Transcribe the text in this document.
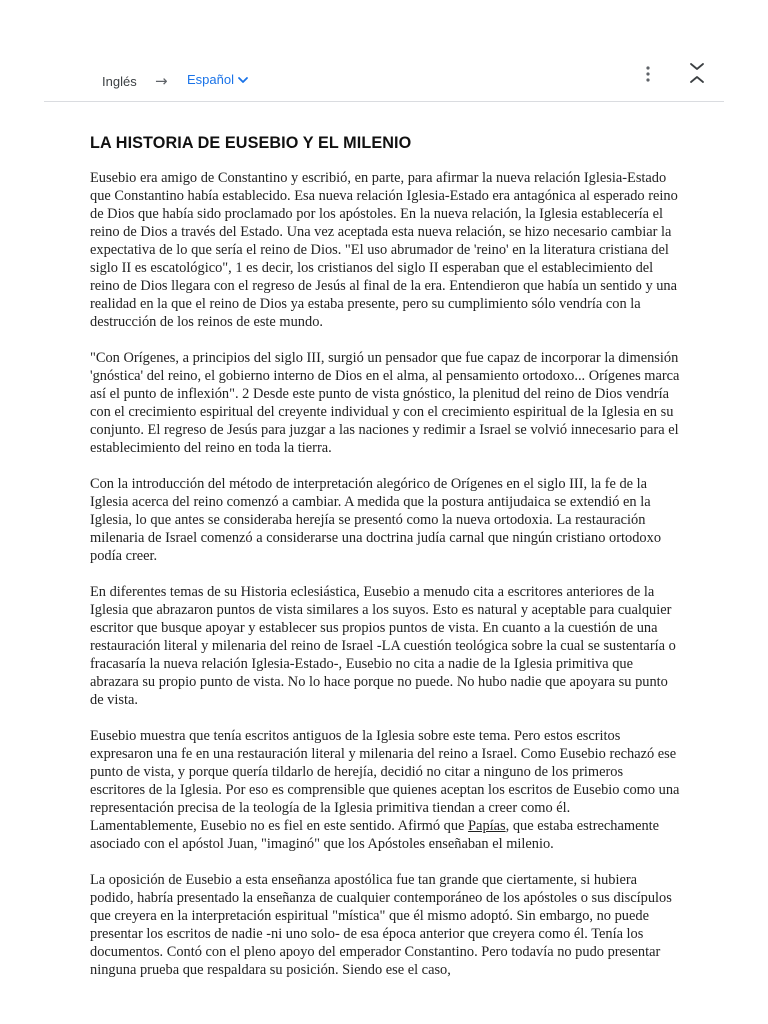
Inglés → Español
LA HISTORIA DE EUSEBIO Y EL MILENIO

Eusebio era amigo de Constantino y escribió, en parte, para afirmar la nueva relación Iglesia-Estado que Constantino había establecido. Esa nueva relación Iglesia-Estado era antagónica al esperado reino de Dios que había sido proclamado por los apóstoles. En la nueva relación, la Iglesia establecería el reino de Dios a través del Estado. Una vez aceptada esta nueva relación, se hizo necesario cambiar la expectativa de lo que sería el reino de Dios. "El uso abrumador de 'reino' en la literatura cristiana del siglo II es escatológico", 1 es decir, los cristianos del siglo II esperaban que el establecimiento del reino de Dios llegara con el regreso de Jesús al final de la era. Entendieron que había un sentido y una realidad en la que el reino de Dios ya estaba presente, pero su cumplimiento sólo vendría con la destrucción de los reinos de este mundo.

"Con Orígenes, a principios del siglo III, surgió un pensador que fue capaz de incorporar la dimensión 'gnóstica' del reino, el gobierno interno de Dios en el alma, al pensamiento ortodoxo... Orígenes marca así el punto de inflexión". 2 Desde este punto de vista gnóstico, la plenitud del reino de Dios vendría con el crecimiento espiritual del creyente individual y con el crecimiento espiritual de la Iglesia en su conjunto. El regreso de Jesús para juzgar a las naciones y redimir a Israel se volvió innecesario para el establecimiento del reino en toda la tierra.

Con la introducción del método de interpretación alegórico de Orígenes en el siglo III, la fe de la Iglesia acerca del reino comenzó a cambiar. A medida que la postura antijudaica se extendió en la Iglesia, lo que antes se consideraba herejía se presentó como la nueva ortodoxia. La restauración milenaria de Israel comenzó a considerarse una doctrina judía carnal que ningún cristiano ortodoxo podía creer.

En diferentes temas de su Historia eclesiástica, Eusebio a menudo cita a escritores anteriores de la Iglesia que abrazaron puntos de vista similares a los suyos. Esto es natural y aceptable para cualquier escritor que busque apoyar y establecer sus propios puntos de vista. En cuanto a la cuestión de una restauración literal y milenaria del reino de Israel -LA cuestión teológica sobre la cual se sustentaría o fracasaría la nueva relación Iglesia-Estado-, Eusebio no cita a nadie de la Iglesia primitiva que abrazara su propio punto de vista. No lo hace porque no puede. No hubo nadie que apoyara su punto de vista.

Eusebio muestra que tenía escritos antiguos de la Iglesia sobre este tema. Pero estos escritos expresaron una fe en una restauración literal y milenaria del reino a Israel. Como Eusebio rechazó ese punto de vista, y porque quería tildarlo de herejía, decidió no citar a ninguno de los primeros escritores de la Iglesia. Por eso es comprensible que quienes aceptan los escritos de Eusebio como una representación precisa de la teología de la Iglesia primitiva tiendan a creer como él. Lamentablemente, Eusebio no es fiel en este sentido. Afirmó que Papías, que estaba estrechamente asociado con el apóstol Juan, "imaginó" que los Apóstoles enseñaban el milenio.

La oposición de Eusebio a esta enseñanza apostólica fue tan grande que ciertamente, si hubiera podido, habría presentado la enseñanza de cualquier contemporáneo de los apóstoles o sus discípulos que creyera en la interpretación espiritual "mística" que él mismo adoptó. Sin embargo, no puede presentar los escritos de nadie -ni uno solo- de esa época anterior que creyera como él. Tenía los documentos. Contó con el pleno apoyo del emperador Constantino. Pero todavía no pudo presentar ninguna prueba que respaldara su posición. Siendo ese el caso,
